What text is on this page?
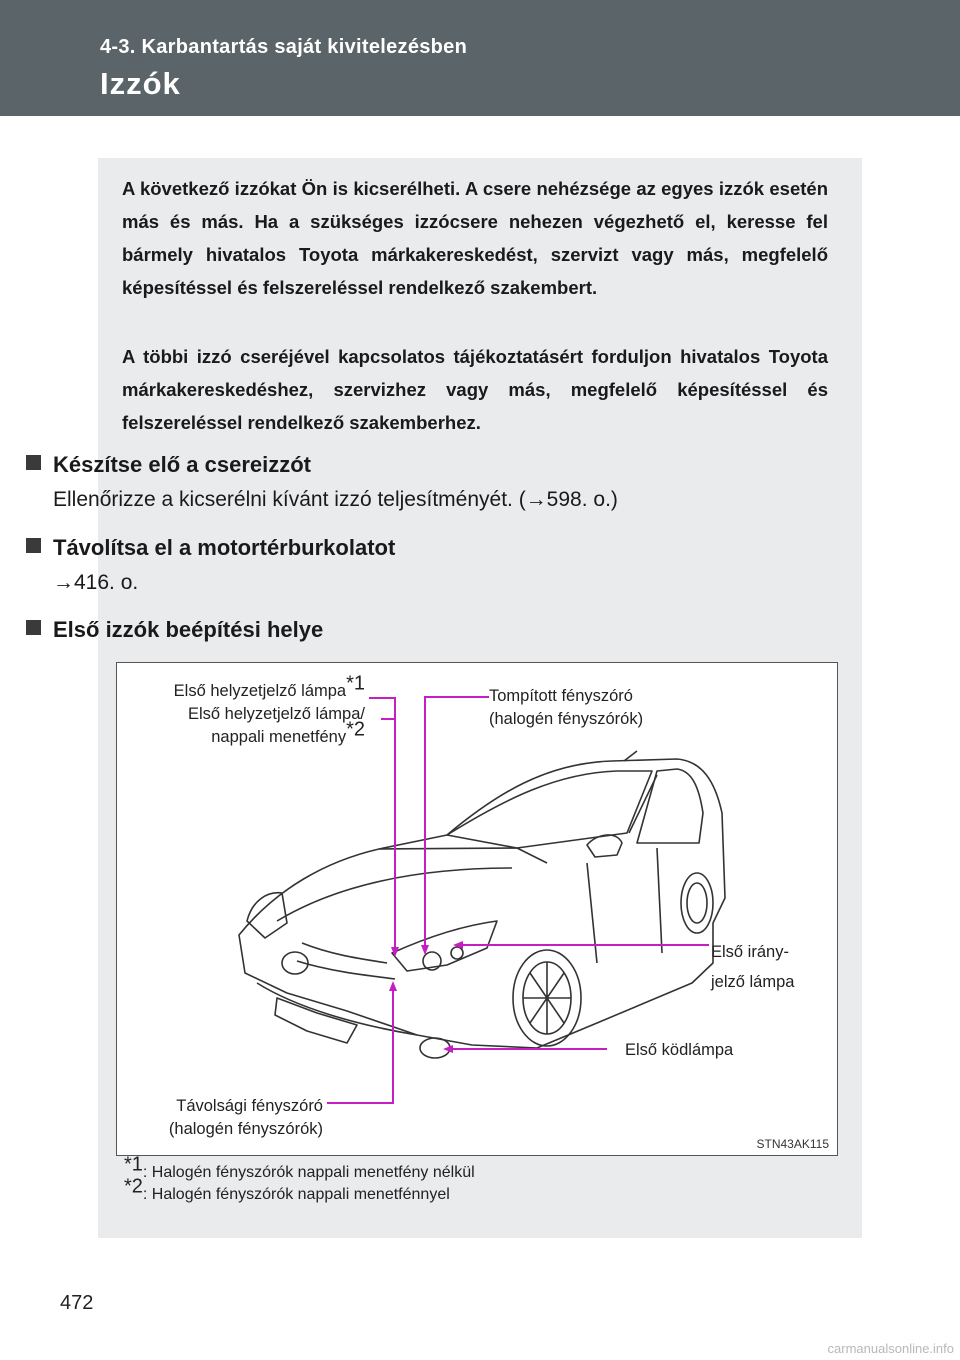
4-3. Karbantartás saját kivitelezésben
Izzók

A következő izzókat Ön is kicserélheti. A csere nehézsége az egyes izzók esetén más és más. Ha a szükséges izzócsere nehezen végezhető el, keresse fel bármely hivatalos Toyota márkakereskedést, szervizt vagy más, megfelelő képesítéssel és felszereléssel rendelkező szakembert.

A többi izzó cseréjével kapcsolatos tájékoztatásért forduljon hivatalos Toyota márkakereskedéshez, szervizhez vagy más, megfelelő képesítéssel és felszereléssel rendelkező szakemberhez.

Készítse elő a csereizzót
Ellenőrizze a kicserélni kívánt izzó teljesítményét. (→598. o.)
Távolítsa el a motortérburkolatot
→416. o.
Első izzók beépítési helye
Első helyzetjelző lámpa$^{*1}$
Első helyzetjelző lámpa/
nappali menetfény$^{*2}$
Tompított fényszóró
(halogén fényszórók)
Első irány-
jelző lámpa
Első ködlámpa
Távolsági fényszóró
(halogén fényszórók)
STN43AK115
$^{*1}$: Halogén fényszórók nappali menetfény nélkül
$^{*2}$: Halogén fényszórók nappali menetfénnyel
472
carmanualsonline.info
